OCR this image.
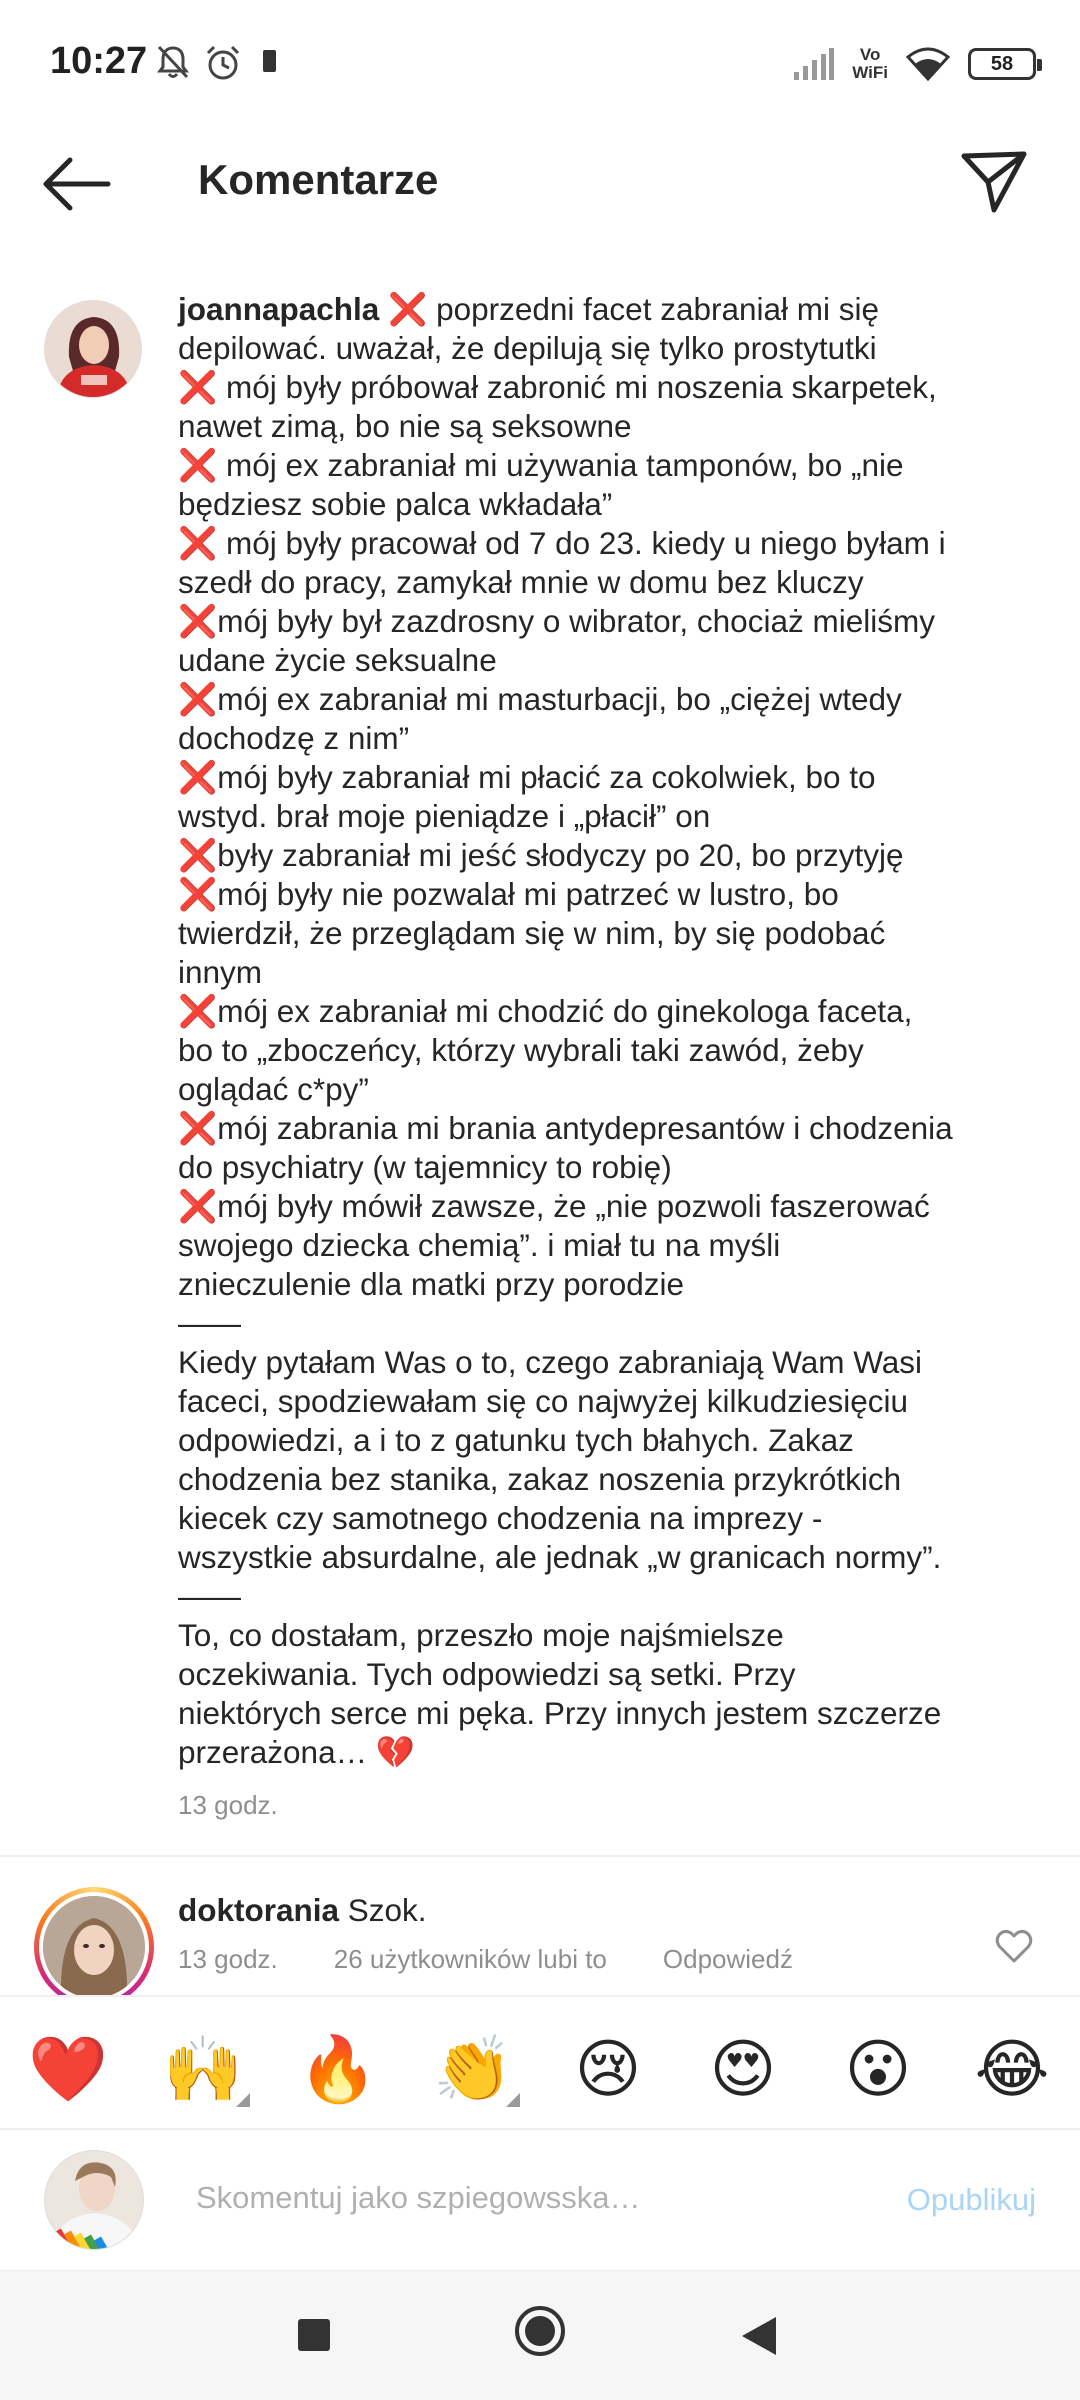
10:27	Vo
WiFi	58
Komentarze
joannapachla ❌ poprzedni facet zabraniał mi się
depilować. uważał, że depilują się tylko prostytutki
❌ mój były próbował zabronić mi noszenia skarpetek,
nawet zimą, bo nie są seksowne
❌ mój ex zabraniał mi używania tamponów, bo „nie
będziesz sobie palca wkładała”
❌ mój były pracował od 7 do 23. kiedy u niego byłam i
szedł do pracy, zamykał mnie w domu bez kluczy
❌mój były był zazdrosny o wibrator, chociaż mieliśmy
udane życie seksualne
❌mój ex zabraniał mi masturbacji, bo „ciężej wtedy
dochodzę z nim”
❌mój były zabraniał mi płacić za cokolwiek, bo to
wstyd. brał moje pieniądze i „płacił” on
❌były zabraniał mi jeść słodyczy po 20, bo przytyję
❌mój były nie pozwalał mi patrzeć w lustro, bo
twierdził, że przeglądam się w nim, by się podobać
innym
❌mój ex zabraniał mi chodzić do ginekologa faceta,
bo to „zboczeńcy, którzy wybrali taki zawód, żeby
oglądać c*py”
❌mój zabrania mi brania antydepresantów i chodzenia
do psychiatry (w tajemnicy to robię)
❌mój były mówił zawsze, że „nie pozwoli faszerować
swojego dziecka chemią”. i miał tu na myśli
znieczulenie dla matki przy porodzie
——
Kiedy pytałam Was o to, czego zabraniają Wam Wasi
faceci, spodziewałam się co najwyżej kilkudziesięciu
odpowiedzi, a i to z gatunku tych błahych. Zakaz
chodzenia bez stanika, zakaz noszenia przykrótkich
kiecek czy samotnego chodzenia na imprezy -
wszystkie absurdalne, ale jednak „w granicach normy”.
——
To, co dostałam, przeszło moje najśmielsze
oczekiwania. Tych odpowiedzi są setki. Przy
niektórych serce mi pęka. Przy innych jestem szczerze
przerażona… 💔
13 godz.
doktorania Szok.
13 godz. 26 użytkowników lubi to Odpowiedź
❤️ 🙌 🔥 👏 😢 😍 😮 😂
Skomentuj jako szpiegowsska…
Opublikuj
